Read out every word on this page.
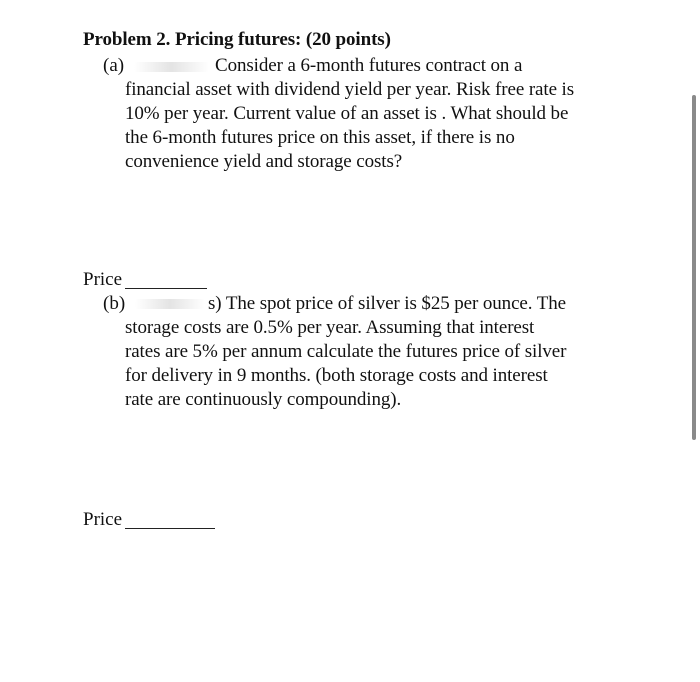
Problem 2. Pricing futures: (20 points)
(a)	Consider a 6-month futures contract on a
financial asset with dividend yield per year. Risk free rate is
10% per year. Current value of an asset is . What should be
the 6-month futures price on this asset, if there is no
convenience yield and storage costs?
Price
(b)	s) The spot price of silver is $25 per ounce. The
storage costs are 0.5% per year. Assuming that interest
rates are 5% per annum calculate the futures price of silver
for delivery in 9 months. (both storage costs and interest
rate are continuously compounding).
Price
